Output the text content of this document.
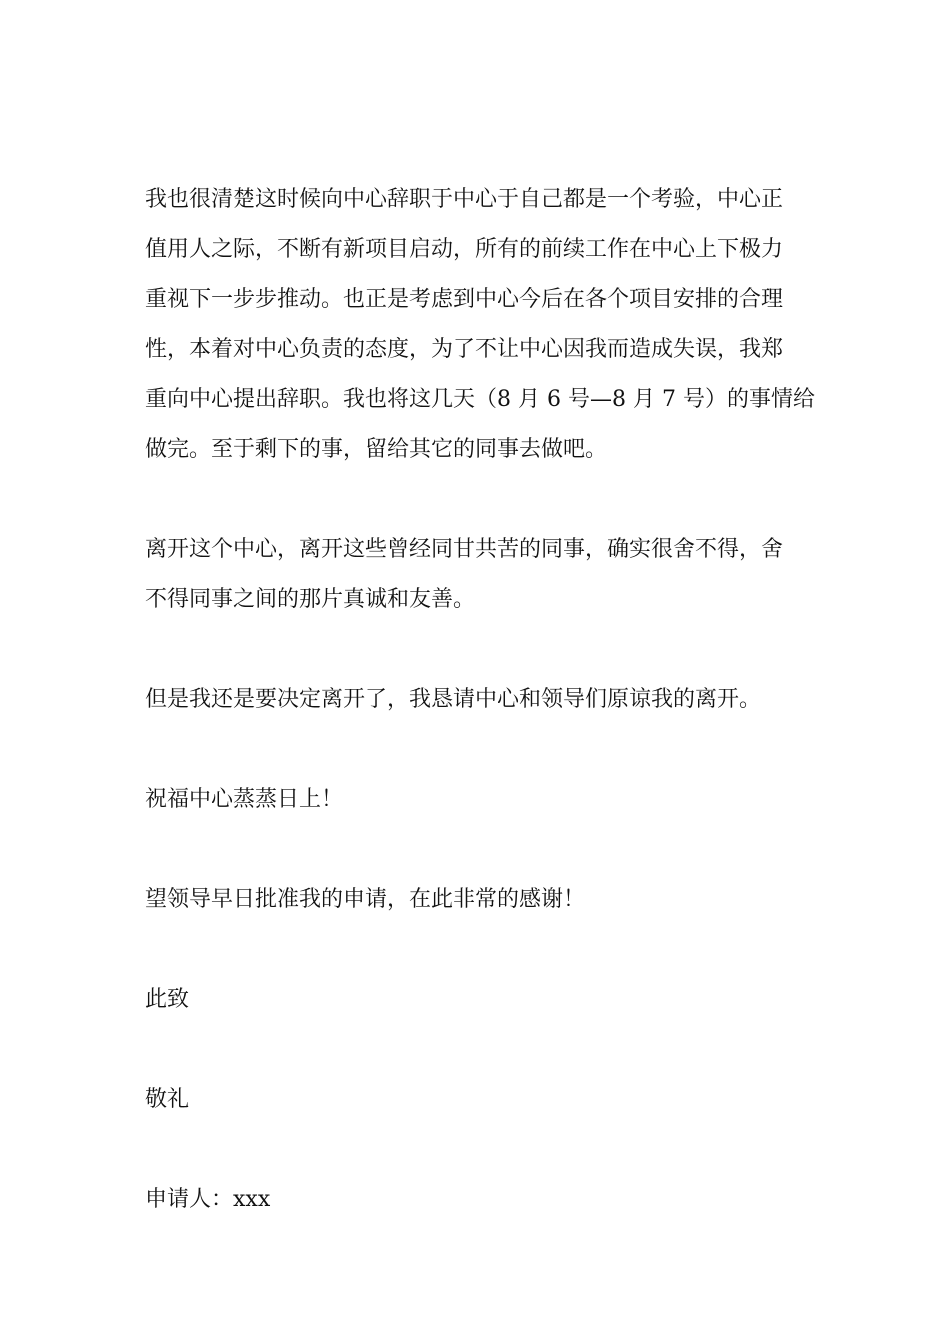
我也很清楚这时候向中心辞职于中心于自己都是一个考验，中心正
值用人之际，不断有新项目启动，所有的前续工作在中心上下极力
重视下一步步推动。也正是考虑到中心今后在各个项目安排的合理
性，本着对中心负责的态度，为了不让中心因我而造成失误，我郑
重向中心提出辞职。我也将这几天（8 月 6 号—8 月 7 号）的事情给
做完。至于剩下的事，留给其它的同事去做吧。
离开这个中心，离开这些曾经同甘共苦的同事，确实很舍不得，舍
不得同事之间的那片真诚和友善。
但是我还是要决定离开了，我恳请中心和领导们原谅我的离开。
祝福中心蒸蒸日上！
望领导早日批准我的申请，在此非常的感谢！
此致
敬礼
申请人：xxx
